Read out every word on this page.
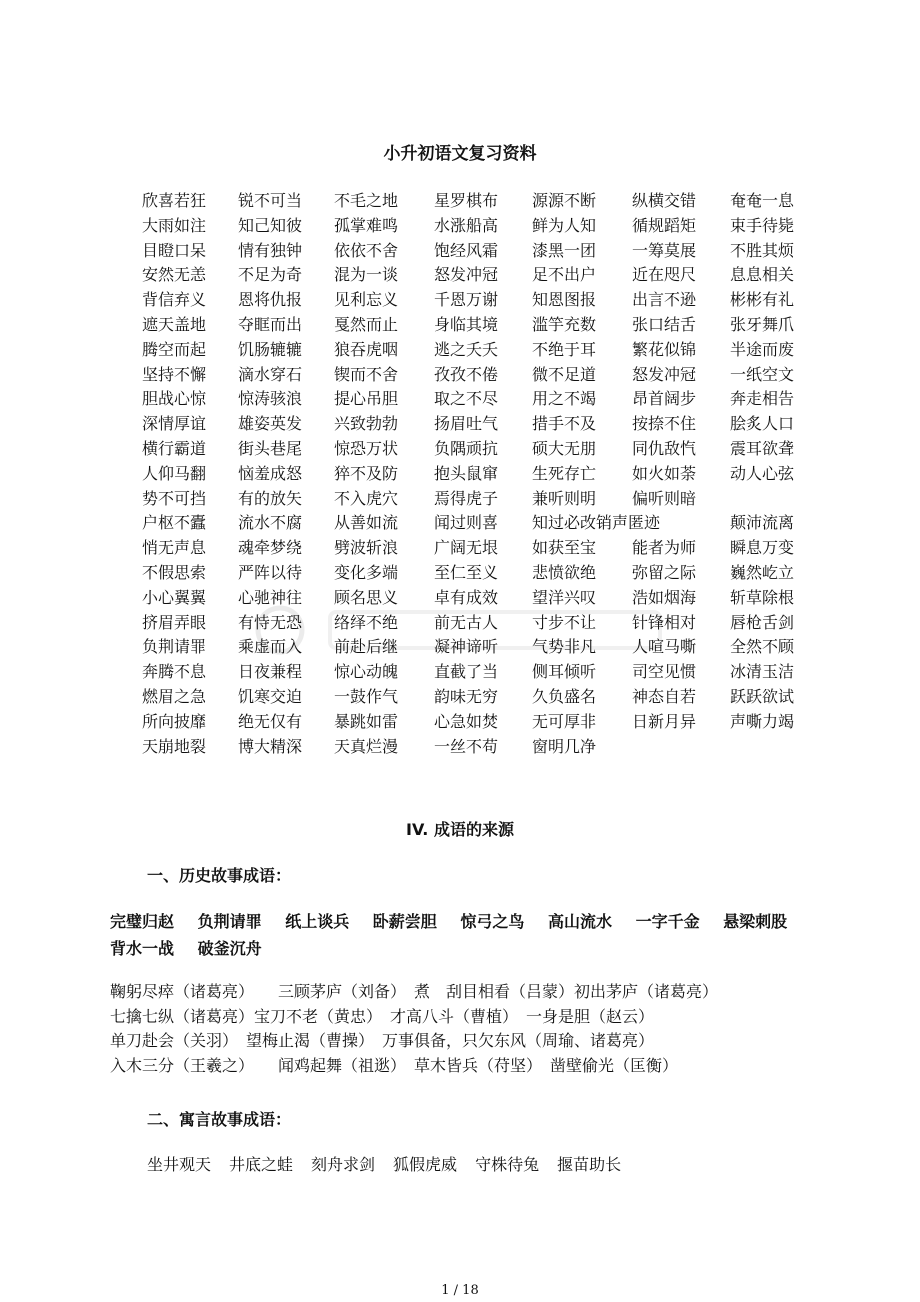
小升初语文复习资料
欣喜若狂	锐不可当	不毛之地	星罗棋布	源源不断	纵横交错	奄奄一息
大雨如注	知己知彼	孤掌难鸣	水涨船高	鲜为人知	循规蹈矩	束手待毙
目瞪口呆	情有独钟	依依不舍	饱经风霜	漆黑一团	一筹莫展	不胜其烦
安然无恙	不足为奇	混为一谈	怒发冲冠	足不出户	近在咫尺	息息相关
背信弃义	恩将仇报	见利忘义	千恩万谢	知恩图报	出言不逊	彬彬有礼
遮天盖地	夺眶而出	戛然而止	身临其境	滥竽充数	张口结舌	张牙舞爪
腾空而起	饥肠辘辘	狼吞虎咽	逃之夭夭	不绝于耳	繁花似锦	半途而废
坚持不懈	滴水穿石	锲而不舍	孜孜不倦	微不足道	怒发冲冠	一纸空文
胆战心惊	惊涛骇浪	提心吊胆	取之不尽	用之不竭	昂首阔步	奔走相告
深情厚谊	雄姿英发	兴致勃勃	扬眉吐气	措手不及	按捺不住	脍炙人口
横行霸道	街头巷尾	惊恐万状	负隅顽抗	硕大无朋	同仇敌忾	震耳欲聋
人仰马翻	恼羞成怒	猝不及防	抱头鼠窜	生死存亡	如火如荼	动人心弦
势不可挡	有的放矢	不入虎穴	焉得虎子	兼听则明	偏听则暗
户枢不蠹	流水不腐	从善如流	闻过则喜	知过必改销声匿迹	颠沛流离
悄无声息	魂牵梦绕	劈波斩浪	广阔无垠	如获至宝	能者为师	瞬息万变
不假思索	严阵以待	变化多端	至仁至义	悲愤欲绝	弥留之际	巍然屹立
小心翼翼	心驰神往	顾名思义	卓有成效	望洋兴叹	浩如烟海	斩草除根
挤眉弄眼	有恃无恐	络绎不绝	前无古人	寸步不让	针锋相对	唇枪舌剑
负荆请罪	乘虚而入	前赴后继	凝神谛听	气势非凡	人喧马嘶	全然不顾
奔腾不息	日夜兼程	惊心动魄	直截了当	侧耳倾听	司空见惯	冰清玉洁
燃眉之急	饥寒交迫	一鼓作气	韵味无穷	久负盛名	神态自若	跃跃欲试
所向披靡	绝无仅有	暴跳如雷	心急如焚	无可厚非	日新月异	声嘶力竭
天崩地裂	博大精深	天真烂漫	一丝不苟	窗明几净
IV. 成语的来源
一、历史故事成语：
完璧归赵 负荆请罪 纸上谈兵 卧薪尝胆 惊弓之鸟 高山流水 一字千金 悬梁刺股 背水一战 破釜沉舟
鞠躬尽瘁（诸葛亮）　　三顾茅庐（刘备）　煮　刮目相看（吕蒙）初出茅庐（诸葛亮）
七擒七纵（诸葛亮）宝刀不老（黄忠）　才高八斗（曹植）　一身是胆（赵云）
单刀赴会（关羽）　望梅止渴（曹操）　万事俱备，只欠东风（周瑜、诸葛亮）
入木三分（王羲之）　　闻鸡起舞（祖逖）　草木皆兵（苻坚）　凿壁偷光（匡衡）
二、寓言故事成语：
坐井观天 井底之蛙 刻舟求剑 狐假虎威 守株待兔 揠苗助长
1 / 18
